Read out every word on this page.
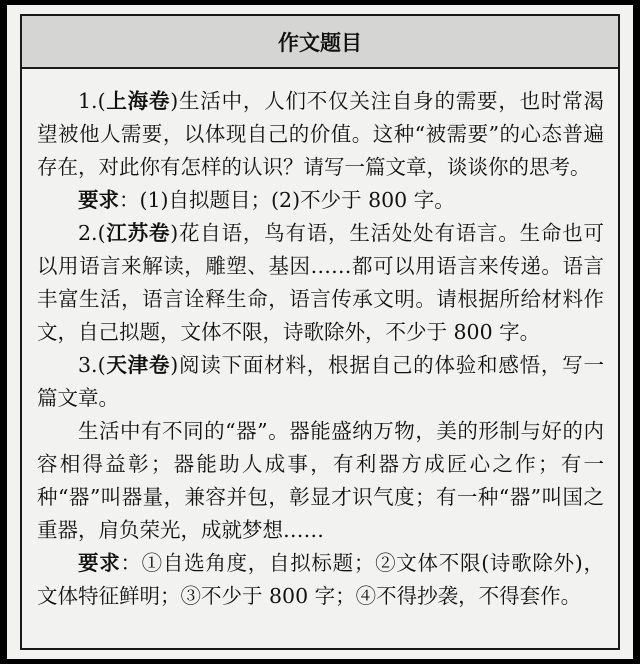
作文题目

1.(上海卷)生活中，人们不仅关注自身的需要，也时常渴望被他人需要，以体现自己的价值。这种“被需要”的心态普遍存在，对此你有怎样的认识？请写一篇文章，谈谈你的思考。

要求：(1)自拟题目；(2)不少于 800 字。

2.(江苏卷)花自语，鸟有语，生活处处有语言。生命也可以用语言来解读，雕塑、基因……都可以用语言来传递。语言丰富生活，语言诠释生命，语言传承文明。请根据所给材料作文，自己拟题，文体不限，诗歌除外，不少于 800 字。

3.(天津卷)阅读下面材料，根据自己的体验和感悟，写一篇文章。

生活中有不同的“器”。器能盛纳万物，美的形制与好的内容相得益彰；器能助人成事，有利器方成匠心之作；有一种“器”叫器量，兼容并包，彰显才识气度；有一种“器”叫国之重器，肩负荣光，成就梦想……

要求：①自选角度，自拟标题；②文体不限(诗歌除外)，文体特征鲜明；③不少于 800 字；④不得抄袭，不得套作。
